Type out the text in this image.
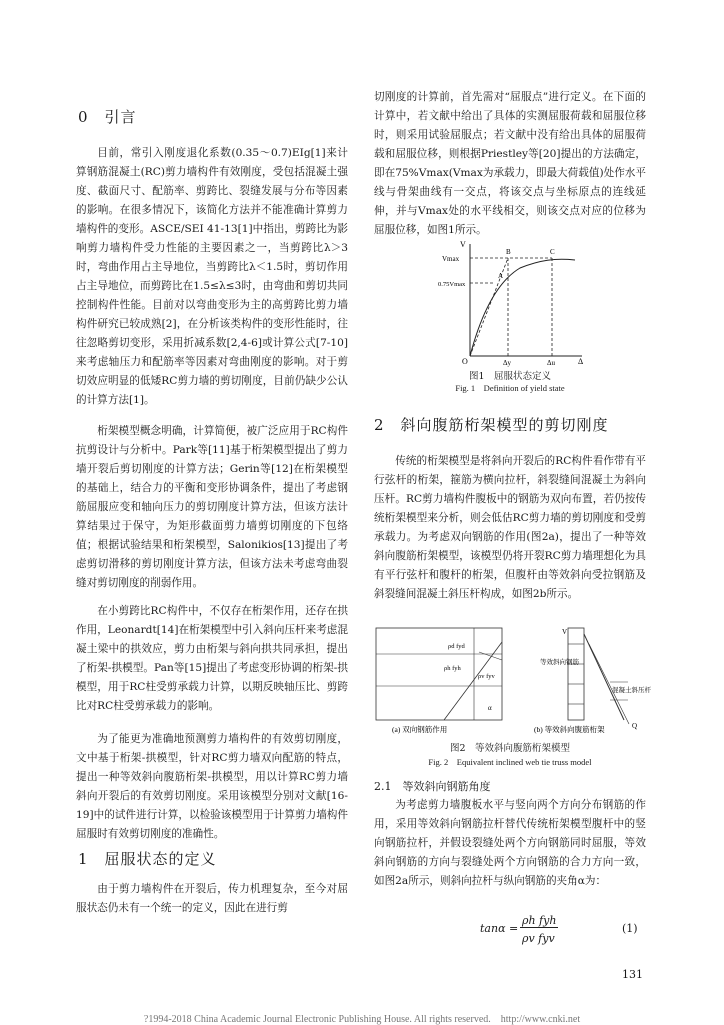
0　引言

目前，常引入刚度退化系数(0.35～0.7)EIg[1]来计算钢筋混凝土(RC)剪力墙构件有效刚度，受包括混凝土强度、截面尺寸、配筋率、剪跨比、裂缝发展与分布等因素的影响。在很多情况下，该简化方法并不能准确计算剪力墙构件的变形。ASCE/SEI 41-13[1]中指出，剪跨比为影响剪力墙构件受力性能的主要因素之一，当剪跨比λ＞3时，弯曲作用占主导地位，当剪跨比λ＜1.5时，剪切作用占主导地位，而剪跨比在1.5≤λ≤3时，由弯曲和剪切共同控制构件性能。目前对以弯曲变形为主的高剪跨比剪力墙构件研究已较成熟[2]，在分析该类构件的变形性能时，往往忽略剪切变形，采用折减系数[2,4-6]或计算公式[7-10]来考虑轴压力和配筋率等因素对弯曲刚度的影响。对于剪切效应明显的低矮RC剪力墙的剪切刚度，目前仍缺少公认的计算方法[1]。

桁架模型概念明确，计算简便，被广泛应用于RC构件抗剪设计与分析中。Park等[11]基于桁架模型提出了剪力墙开裂后剪切刚度的计算方法；Gerin等[12]在桁架模型的基础上，结合力的平衡和变形协调条件，提出了考虑钢筋屈服应变和轴向压力的剪切刚度计算方法，但该方法计算结果过于保守，为矩形截面剪力墙剪切刚度的下包络值；根据试验结果和桁架模型，Salonikios[13]提出了考虑剪切滑移的剪切刚度计算方法，但该方法未考虑弯曲裂缝对剪切刚度的削弱作用。

在小剪跨比RC构件中，不仅存在桁架作用，还存在拱作用，Leonardt[14]在桁架模型中引入斜向压杆来考虑混凝土梁中的拱效应，剪力由桁架与斜向拱共同承担，提出了桁架-拱模型。Pan等[15]提出了考虑变形协调的桁架-拱模型，用于RC柱受剪承载力计算，以期反映轴压比、剪跨比对RC柱受剪承载力的影响。

为了能更为准确地预测剪力墙构件的有效剪切刚度，文中基于桁架-拱模型，针对RC剪力墙双向配筋的特点，提出一种等效斜向腹筋桁架-拱模型，用以计算RC剪力墙斜向开裂后的有效剪切刚度。采用该模型分别对文献[16-19]中的试件进行计算，以检验该模型用于计算剪力墙构件屈服时有效剪切刚度的准确性。

1　屈服状态的定义

由于剪力墙构件在开裂后，传力机理复杂，至今对屈服状态仍未有一个统一的定义，因此在进行剪

切刚度的计算前，首先需对“屈服点”进行定义。在下面的计算中，若文献中给出了具体的实测屈服荷载和屈服位移时，则采用试验屈服点；若文献中没有给出具体的屈服荷载和屈服位移，则根据Priestley等[20]提出的方法确定，即在75%Vmax(Vmax为承载力，即最大荷载值)处作水平线与骨架曲线有一交点，将该交点与坐标原点的连线延伸，并与Vmax处的水平线相交，则该交点对应的位移为屈服位移，如图1所示。

V
Vmax
0.75Vmax
O	Δ
Δy	Δu
A
B	C
图1　屈服状态定义
Fig. 1　Definition of yield state
2　斜向腹筋桁架模型的剪切刚度

传统的桁架模型是将斜向开裂后的RC构件看作带有平行弦杆的桁架，箍筋为横向拉杆，斜裂缝间混凝土为斜向压杆。RC剪力墙构件腹板中的钢筋为双向布置，若仍按传统桁架模型来分析，则会低估RC剪力墙的剪切刚度和受剪承载力。为考虑双向钢筋的作用(图2a)，提出了一种等效斜向腹筋桁架模型，该模型仍将开裂RC剪力墙理想化为具有平行弦杆和腹杆的桁架，但腹杆由等效斜向受拉钢筋及斜裂缝间混凝土斜压杆构成，如图2b所示。

ρd fyd
ρh fyh
ρv fyv
α
等效斜向钢筋
混凝土斜压杆
V
Q
(a) 双向钢筋作用	(b) 等效斜向腹筋桁架
图2　等效斜向腹筋桁架模型
Fig. 2　Equivalent inclined web tie truss model
2.1　等效斜向钢筋角度

为考虑剪力墙腹板水平与竖向两个方向分布钢筋的作用，采用等效斜向钢筋拉杆替代传统桁架模型腹杆中的竖向钢筋拉杆，并假设裂缝处两个方向钢筋同时屈服，等效斜向钢筋的方向与裂缝处两个方向钢筋的合力方向一致，如图2a所示，则斜向拉杆与纵向钢筋的夹角α为：

tanα =
ρh fyh
ρv fyv
(1)
131
?1994-2018 China Academic Journal Electronic Publishing House. All rights reserved.　http://www.cnki.net
